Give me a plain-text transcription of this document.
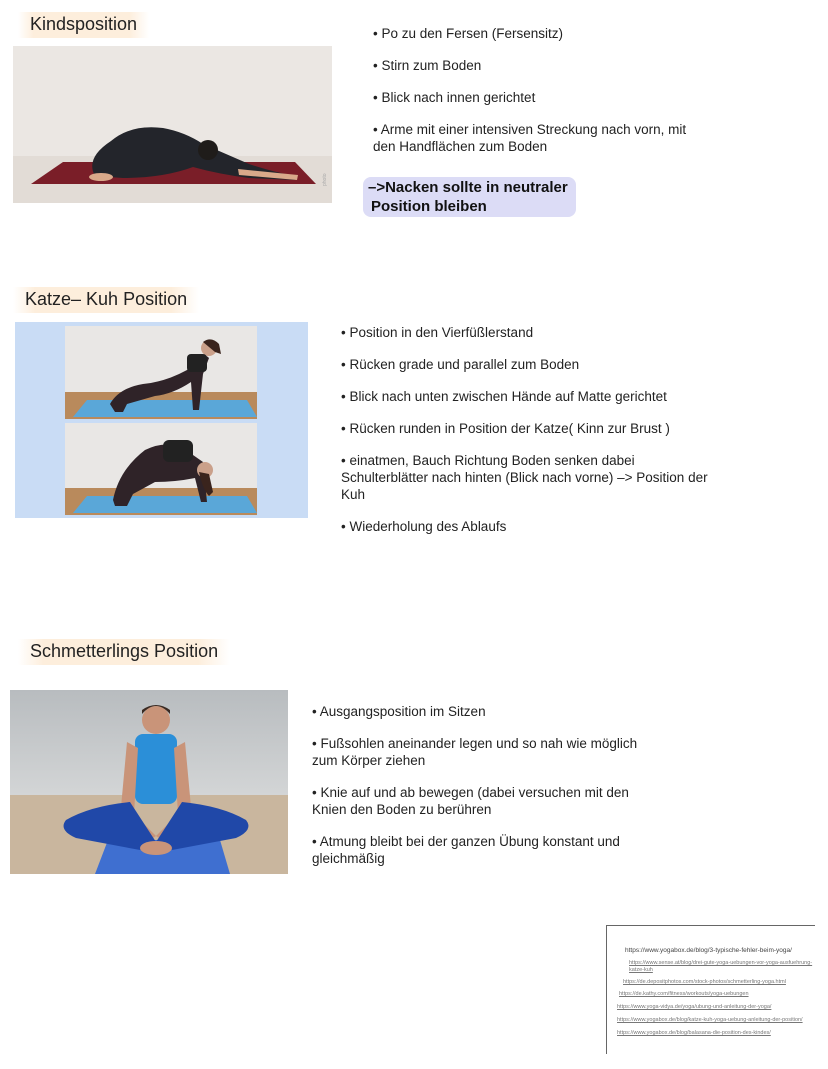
Kindsposition
photo

• Po zu den Fersen (Fersensitz)

• Stirn zum Boden

• Blick nach innen gerichtet

• Arme mit einer intensiven Streckung nach vorn, mit den Handflächen zum Boden

–>Nacken sollte in neutraler
Position bleiben
Katze– Kuh Position

• Position in den Vierfüßlerstand

• Rücken grade und parallel zum Boden

• Blick nach unten zwischen Hände auf Matte gerichtet

• Rücken runden in Position der Katze( Kinn zur Brust )

• einatmen, Bauch Richtung Boden senken dabei Schulterblätter nach hinten (Blick nach vorne) –> Position der Kuh

• Wiederholung des Ablaufs

Schmetterlings Position

• Ausgangsposition im Sitzen

• Fußsohlen aneinander legen und so nah wie möglich zum Körper ziehen

• Knie auf und ab bewegen (dabei versuchen mit den Knien den Boden zu berühren

• Atmung bleibt bei der ganzen Übung konstant und gleichmäßig

https://www.yogabox.de/blog/3-typische-fehler-beim-yoga/
https://www.sense.at/blog/drei-gute-yoga-uebungen-vor-yoga-ausfuehrung-katze-kuh
https://de.depositphotos.com/stock-photos/schmetterling-yoga.html
https://de.kathy.com/fitness/workouts/yoga-uebungen
https://www.yoga-vidya.de/yoga/ubung-und-anleitung-der-yoga/
https://www.yogabox.de/blog/katze-kuh-yoga-uebung-anleitung-der-position/
https://www.yogabox.de/blog/balasana-die-position-des-kindes/
